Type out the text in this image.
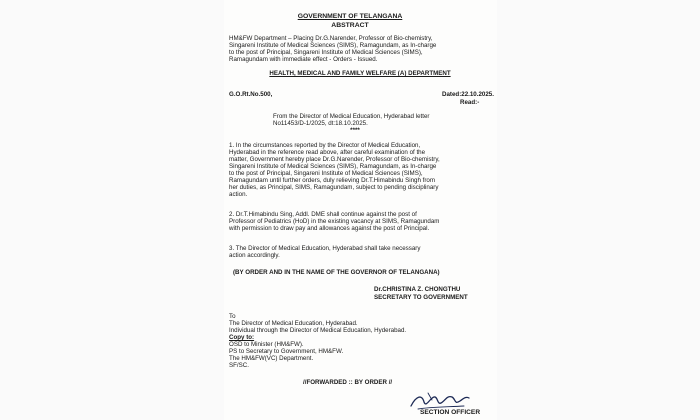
GOVERNMENT OF TELANGANA
ABSTRACT
HM&FW Department – Placing Dr.G.Narender, Professor of Bio-chemistry,
Singareni Institute of Medical Sciences (SIMS), Ramagundam, as In-charge
to the post of Principal, Singareni Institute of Medical Sciences (SIMS),
Ramagundam with immediate effect - Orders - Issued.
HEALTH, MEDICAL AND FAMILY WELFARE (A) DEPARTMENT
G.O.Rt.No.500,	Dated:22.10.2025.
Read:-
From the Director of Medical Education, Hyderabad letter
No11453/D-1/2025, dt:18.10.2025.
****
1. In the circumstances reported by the Director of Medical Education,
Hyderabad in the reference read above, after careful examination of the
matter, Government hereby place Dr.G.Narender, Professor of Bio-chemistry,
Singareni Institute of Medical Sciences (SIMS), Ramagundam, as In-charge
to the post of Principal, Singareni Institute of Medical Sciences (SIMS),
Ramagundam until further orders, duly relieving Dr.T.Himabindu Singh from
her duties, as Principal, SIMS, Ramagundam, subject to pending disciplinary
action.
2. Dr.T.Himabindu Sing, Addl. DME shall continue against the post of
Professor of Pediatrics (HoD) in the existing vacancy at SIMS, Ramagundam
with permission to draw pay and allowances against the post of Principal.
3. The Director of Medical Education, Hyderabad shall take necessary
action accordingly.
(BY ORDER AND IN THE NAME OF THE GOVERNOR OF TELANGANA)
Dr.CHRISTINA Z. CHONGTHU
SECRETARY TO GOVERNMENT
To
The Director of Medical Education, Hyderabad.
Individual through the Director of Medical Education, Hyderabad.
Copy to:
OSD to Minister (HM&FW).
PS to Secretary to Government, HM&FW.
The HM&FW(VC) Department.
SF/SC.
//FORWARDED :: BY ORDER //
SECTION OFFICER
